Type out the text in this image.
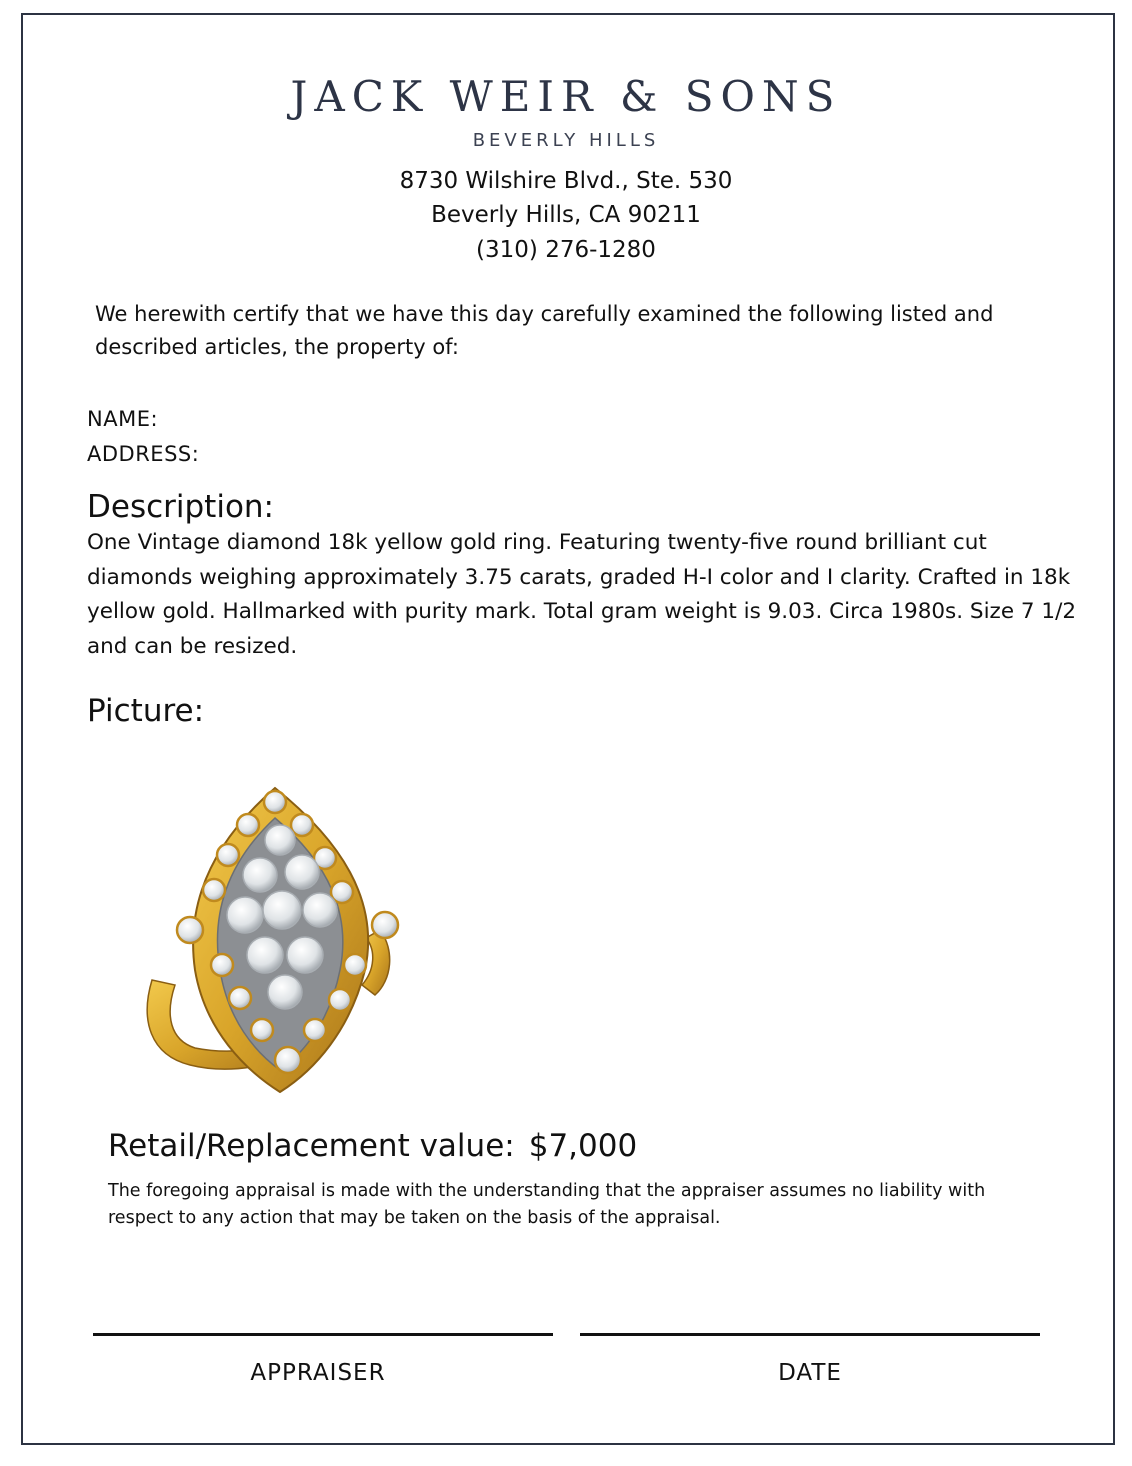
JACK WEIR & SONS
BEVERLY HILLS
8730 Wilshire Blvd., Ste. 530
Beverly Hills, CA 90211
(310) 276-1280
We herewith certify that we have this day carefully examined the following listed and described articles, the property of:
NAME:
ADDRESS:
Description:
One Vintage diamond 18k yellow gold ring. Featuring twenty-five round brilliant cut diamonds weighing approximately 3.75 carats, graded H-I color and I clarity. Crafted in 18k yellow gold. Hallmarked with purity mark. Total gram weight is 9.03. Circa 1980s. Size 7 1/2 and can be resized.
Picture:
Retail/Replacement value: $7,000
The foregoing appraisal is made with the understanding that the appraiser assumes no liability with respect to any action that may be taken on the basis of the appraisal.
APPRAISER	DATE
